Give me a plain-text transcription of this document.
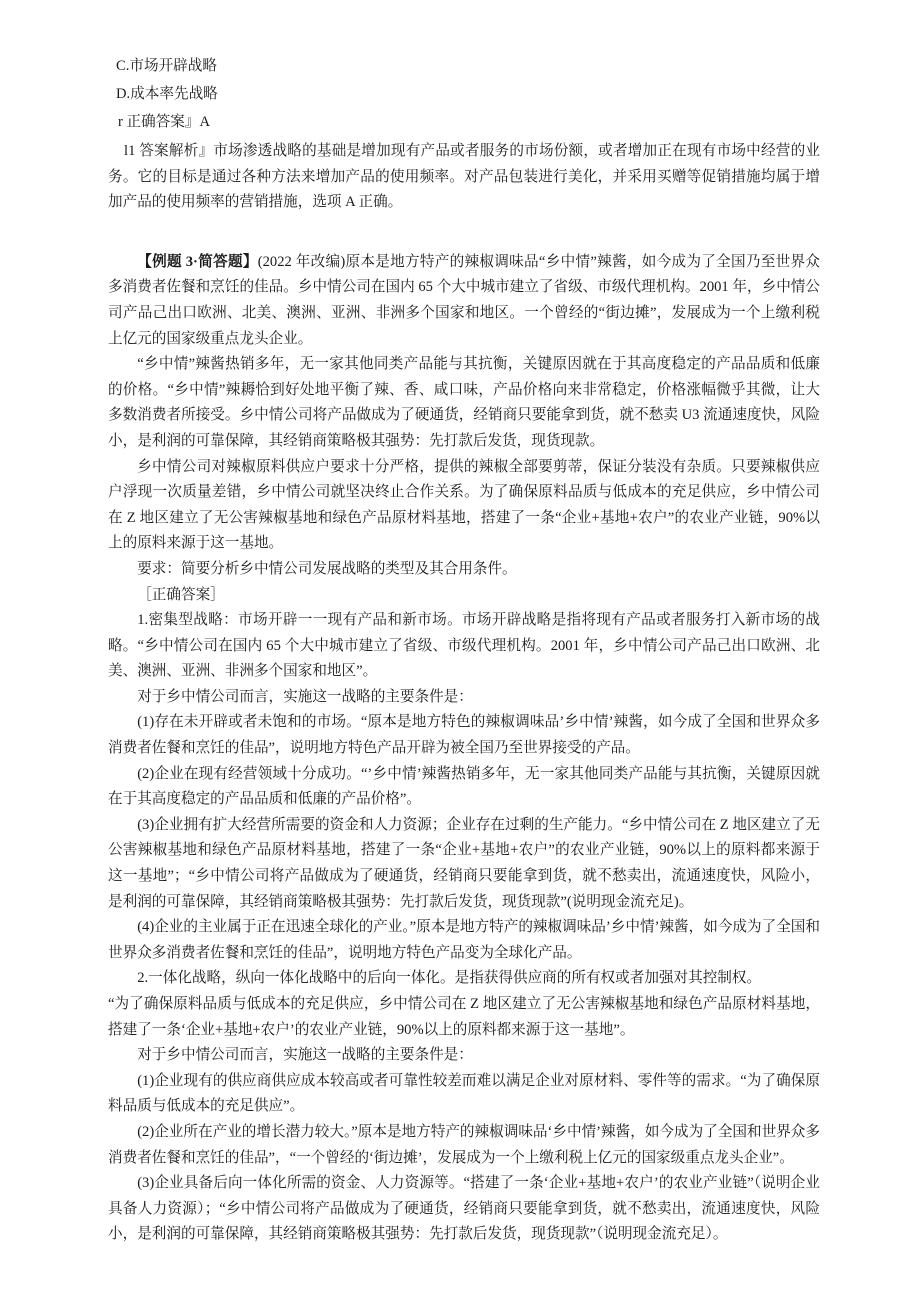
C.市场开辟战略
D.成本率先战略
r 正确答案』A
l1 答案解析』市场渗透战略的基础是增加现有产品或者服务的市场份额，或者增加正在现有市场中经营的业务。它的目标是通过各种方法来增加产品的使用频率。对产品包装进行美化，并采用买赠等促销措施均属于增加产品的使用频率的营销措施，选项 A 正确。
【例题 3·简答题】(2022 年改编)原本是地方特产的辣椒调味品“乡中情”辣酱，如今成为了全国乃至世界众多消费者佐餐和烹饪的佳品。乡中情公司在国内 65 个大中城市建立了省级、市级代理机构。2001 年，乡中情公司产品己出口欧洲、北美、澳洲、亚洲、非洲多个国家和地区。一个曾经的“街边摊”，发展成为一个上缴利税上亿元的国家级重点龙头企业。
“乡中情”辣酱热销多年，无一家其他同类产品能与其抗衡，关键原因就在于其高度稳定的产品品质和低廉的价格。“乡中情”辣耨恰到好处地平衡了辣、香、咸口味，产品价格向来非常稳定，价格涨幅微乎其微，让大多数消费者所接受。乡中情公司将产品做成为了硬通货，经销商只要能拿到货，就不愁卖 U3 流通速度快，风险小，是利润的可靠保障，其经销商策略极其强势：先打款后发货，现货现款。
乡中情公司对辣椒原料供应户要求十分严格，提供的辣椒全部要剪蒂，保证分装没有杂质。只要辣椒供应户浮现一次质量差错，乡中情公司就坚决终止合作关系。为了确保原料品质与低成本的充足供应，乡中情公司在 Z 地区建立了无公害辣椒基地和绿色产品原材料基地，搭建了一条“企业+基地+农户”的农业产业链，90%以上的原料来源于这一基地。
要求：简要分析乡中情公司发展战略的类型及其合用条件。
［正确答案］
1.密集型战略：市场开辟一一现有产品和新市场。市场开辟战略是指将现有产品或者服务打入新市场的战略。“乡中情公司在国内 65 个大中城市建立了省级、市级代理机构。2001 年，乡中情公司产品己出口欧洲、北美、澳洲、亚洲、非洲多个国家和地区”。
对于乡中情公司而言，实施这一战略的主要条件是：
(1)存在未开辟或者未饱和的市场。“原本是地方特色的辣椒调味品’乡中情’辣酱，如今成了全国和世界众多消费者佐餐和烹饪的佳品”，说明地方特色产品开辟为被全国乃至世界接受的产品。
(2)企业在现有经营领域十分成功。“’乡中情’辣酱热销多年，无一家其他同类产品能与其抗衡，关键原因就在于其高度稳定的产品品质和低廉的产品价格”。
(3)企业拥有扩大经营所需要的资金和人力资源；企业存在过剩的生产能力。“乡中情公司在 Z 地区建立了无公害辣椒基地和绿色产品原材料基地，搭建了一条“企业+基地+农户”的农业产业链，90%以上的原料都来源于这一基地”；“乡中情公司将产品做成为了硬通货，经销商只要能拿到货，就不愁卖出，流通速度快，风险小，是利润的可靠保障，其经销商策略极其强势：先打款后发货，现货现款”(说明现金流充足)。
(4)企业的主业属于正在迅速全球化的产业。”原本是地方特产的辣椒调味品’乡中情’辣酱，如今成为了全国和世界众多消费者佐餐和烹饪的佳品”，说明地方特色产品变为全球化产品。
2.一体化战略，纵向一体化战略中的后向一体化。是指获得供应商的所有权或者加强对其控制权。
“为了确保原料品质与低成本的充足供应，乡中情公司在 Z 地区建立了无公害辣椒基地和绿色产品原材料基地，搭建了一条‘企业+基地+农户’的农业产业链，90%以上的原料都来源于这一基地”。
对于乡中情公司而言，实施这一战略的主要条件是：
(1)企业现有的供应商供应成本较高或者可靠性较差而难以满足企业对原材料、零件等的需求。“为了确保原料品质与低成本的充足供应”。
(2)企业所在产业的增长潜力较大。”原本是地方特产的辣椒调味品‘乡中情’辣酱，如今成为了全国和世界众多消费者佐餐和烹饪的佳品”，“一个曾经的‘街边摊’，发展成为一个上缴利税上亿元的国家级重点龙头企业”。
(3)企业具备后向一体化所需的资金、人力资源等。“搭建了一条‘企业+基地+农户’的农业产业链”（说明企业具备人力资源）；“乡中情公司将产品做成为了硬通货，经销商只要能拿到货，就不愁卖出，流通速度快，风险小，是利润的可靠保障，其经销商策略极其强势：先打款后发货，现货现款”（说明现金流充足）。
